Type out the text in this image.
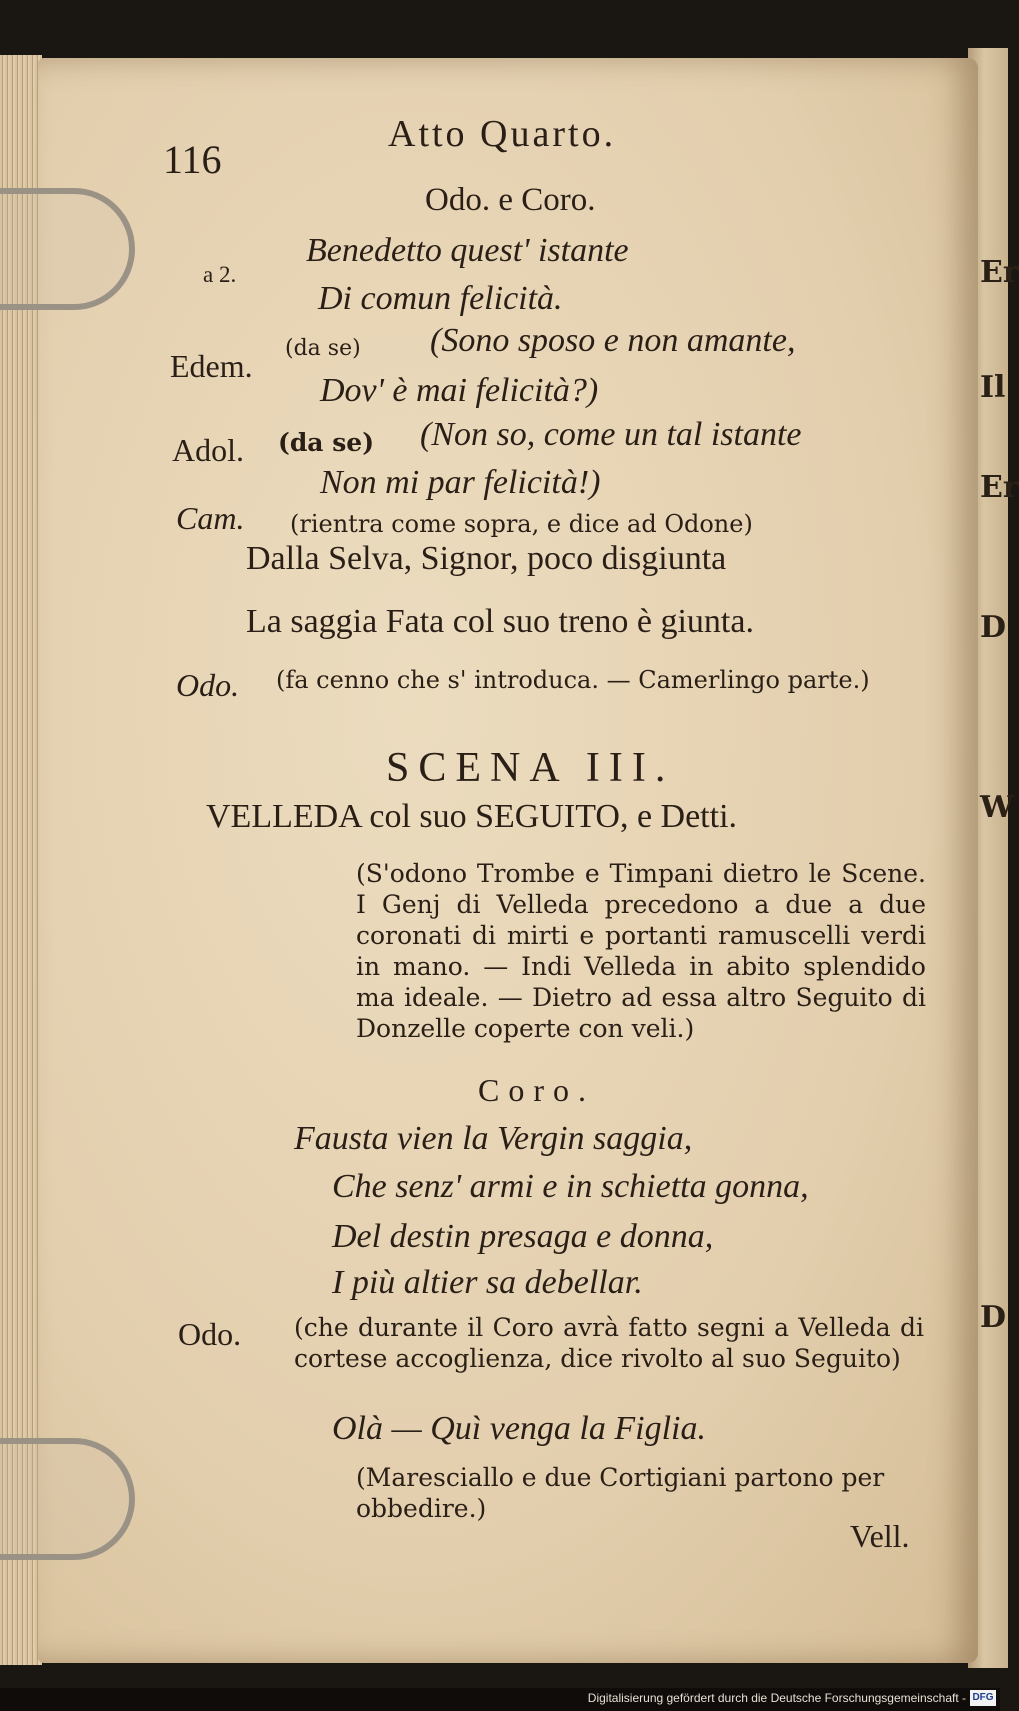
Er
Il
Er
D
W
D
116
Atto Quarto.
Odo. e Coro.
a 2.
Benedetto quest' istante
Di comun felicità.
Edem. (da se) (Sono sposo e non amante,
Dov' è mai felicità?)
Adol. (da se) (Non so, come un tal istante
Non mi par felicità!)
Cam. (rientra come sopra, e dice ad Odone)
Dalla Selva, Signor, poco disgiunta
La saggia Fata col suo treno è giunta.
Odo. (fa cenno che s' introduca. — Camerlingo parte.)
SCENA III.
VELLEDA col suo SEGUITO, e Detti.
(S'odono Trombe e Timpani dietro le Scene. I Genj di Velleda precedono a due a due coronati di mirti e portanti ramuscelli verdi in mano. — Indi Velleda in abito splendido ma ideale. — Dietro ad essa altro Seguito di Donzelle coperte con veli.)
Coro.
Fausta vien la Vergin saggia,
Che senz' armi e in schietta gonna,
Del destin presaga e donna,
I più altier sa debellar.
Odo. (che durante il Coro avrà fatto segni a Velleda di cortese accoglienza, dice rivolto al suo Seguito)
Olà — Quì venga la Figlia.
(Maresciallo e due Cortigiani partono per obbedire.)
Vell.
Digitalisierung gefördert durch die Deutsche Forschungsgemeinschaft - DFG
